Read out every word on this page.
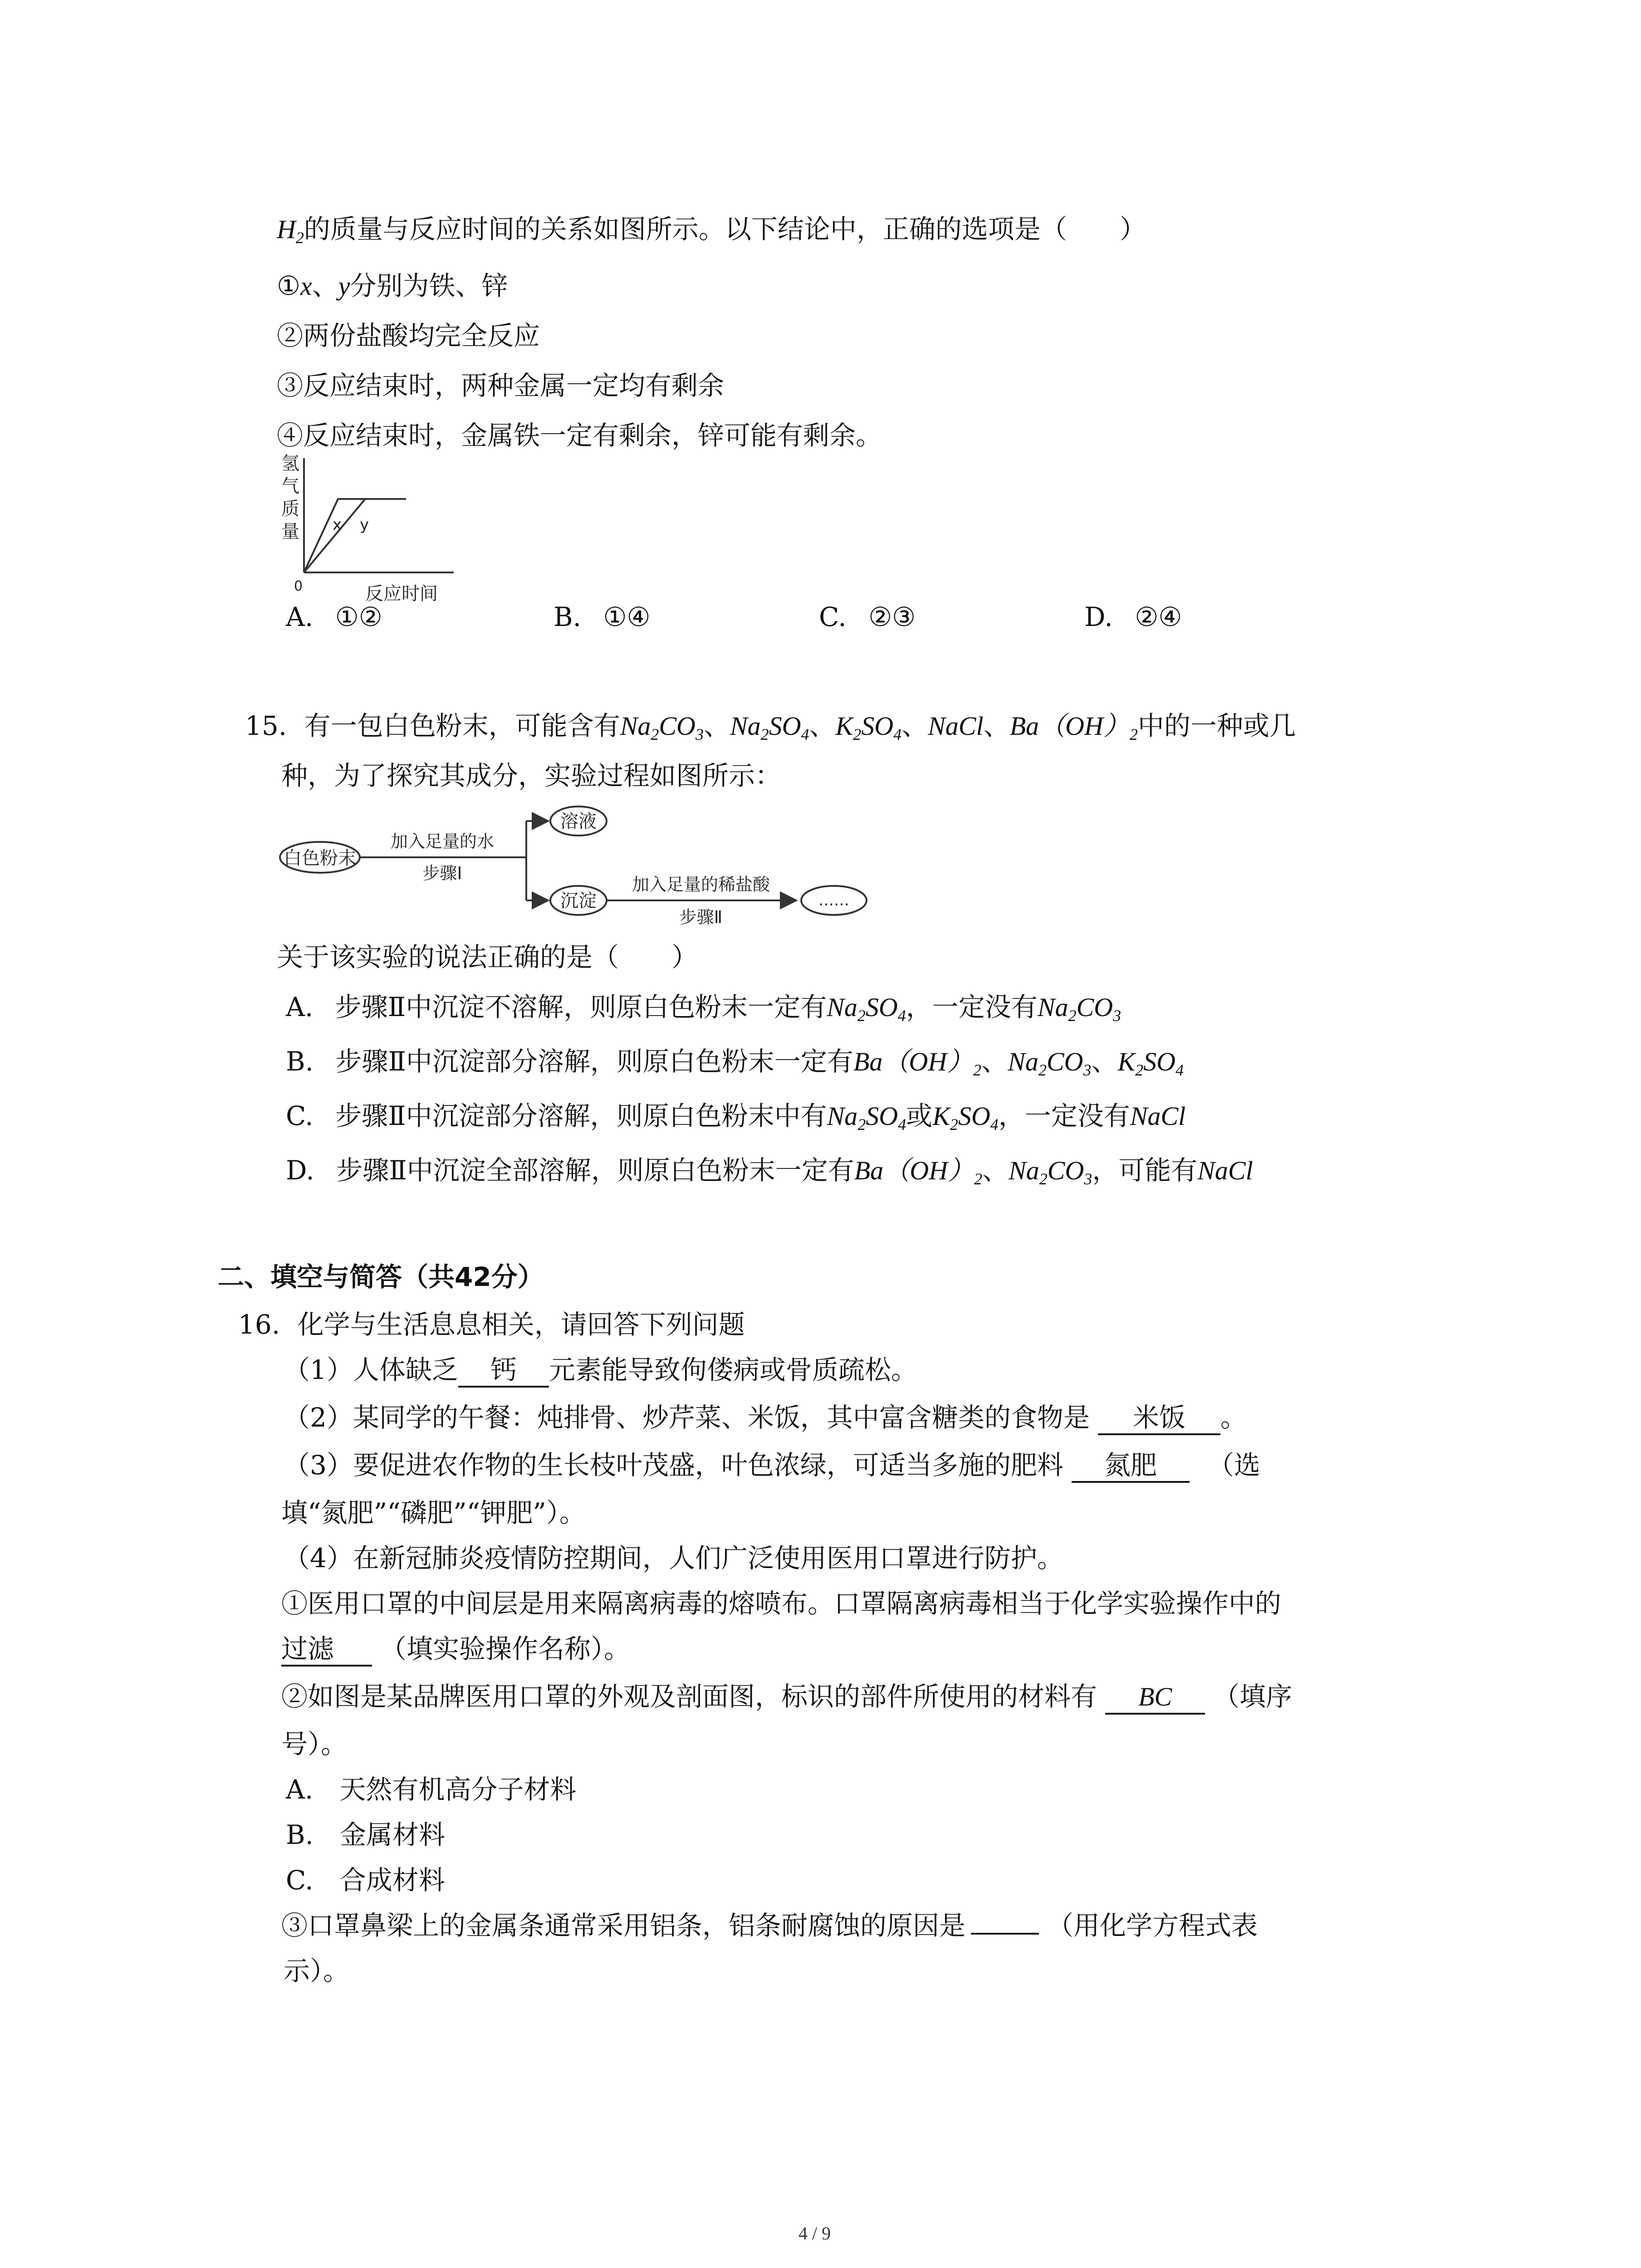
$H_2$的质量与反应时间的关系如图所示。以下结论中，正确的选项是（　　）
①x、y分别为铁、锌
②两份盐酸均完全反应
③反应结束时，两种金属一定均有剩余
④反应结束时，金属铁一定有剩余，锌可能有剩余。
氢
气
质
量 x y
0	反应时间
A. ①②	B. ①④	C. ②③	D. ②④
15. 有一包白色粉末，可能含有$Na_2CO_3$、$Na_2SO_4$、$K_2SO_4$、NaCl、$Ba(OH)_2$中的一种或几
种，为了探究其成分，实验过程如图所示：
白色粉末
加入足量的水
步骤Ⅰ
溶液
沉淀
加入足量的稀盐酸
步骤Ⅱ
……
关于该实验的说法正确的是（　　）
A. 步骤Ⅱ中沉淀不溶解，则原白色粉末一定有$Na_2SO_4$，一定没有$Na_2CO_3$
B. 步骤Ⅱ中沉淀部分溶解，则原白色粉末一定有$Ba(OH)_2$、$Na_2CO_3$、$K_2SO_4$
C. 步骤Ⅱ中沉淀部分溶解，则原白色粉末中有$Na_2SO_4$或$K_2SO_4$，一定没有NaCl
D. 步骤Ⅱ中沉淀全部溶解，则原白色粉末一定有$Ba(OH)_2$、$Na_2CO_3$，可能有NaCl
二、填空与简答（共42分）
16. 化学与生活息息相关，请回答下列问题
（1）人体缺乏 钙 元素能导致佝偻病或骨质疏松。
（2）某同学的午餐：炖排骨、炒芹菜、米饭，其中富含糖类的食物是 米饭 。
（3）要促进农作物的生长枝叶茂盛，叶色浓绿，可适当多施的肥料 氮肥 （选
填“氮肥”“磷肥”“钾肥”）。
（4）在新冠肺炎疫情防控期间，人们广泛使用医用口罩进行防护。
①医用口罩的中间层是用来隔离病毒的熔喷布。口罩隔离病毒相当于化学实验操作中的
过滤 （填实验操作名称）。
②如图是某品牌医用口罩的外观及剖面图，标识的部件所使用的材料有 BC （填序
号）。
A.　天然有机高分子材料
B.　金属材料
C.　合成材料
③口罩鼻梁上的金属条通常采用铝条，铝条耐腐蚀的原因是	（用化学方程式表
示）。
4 / 9
